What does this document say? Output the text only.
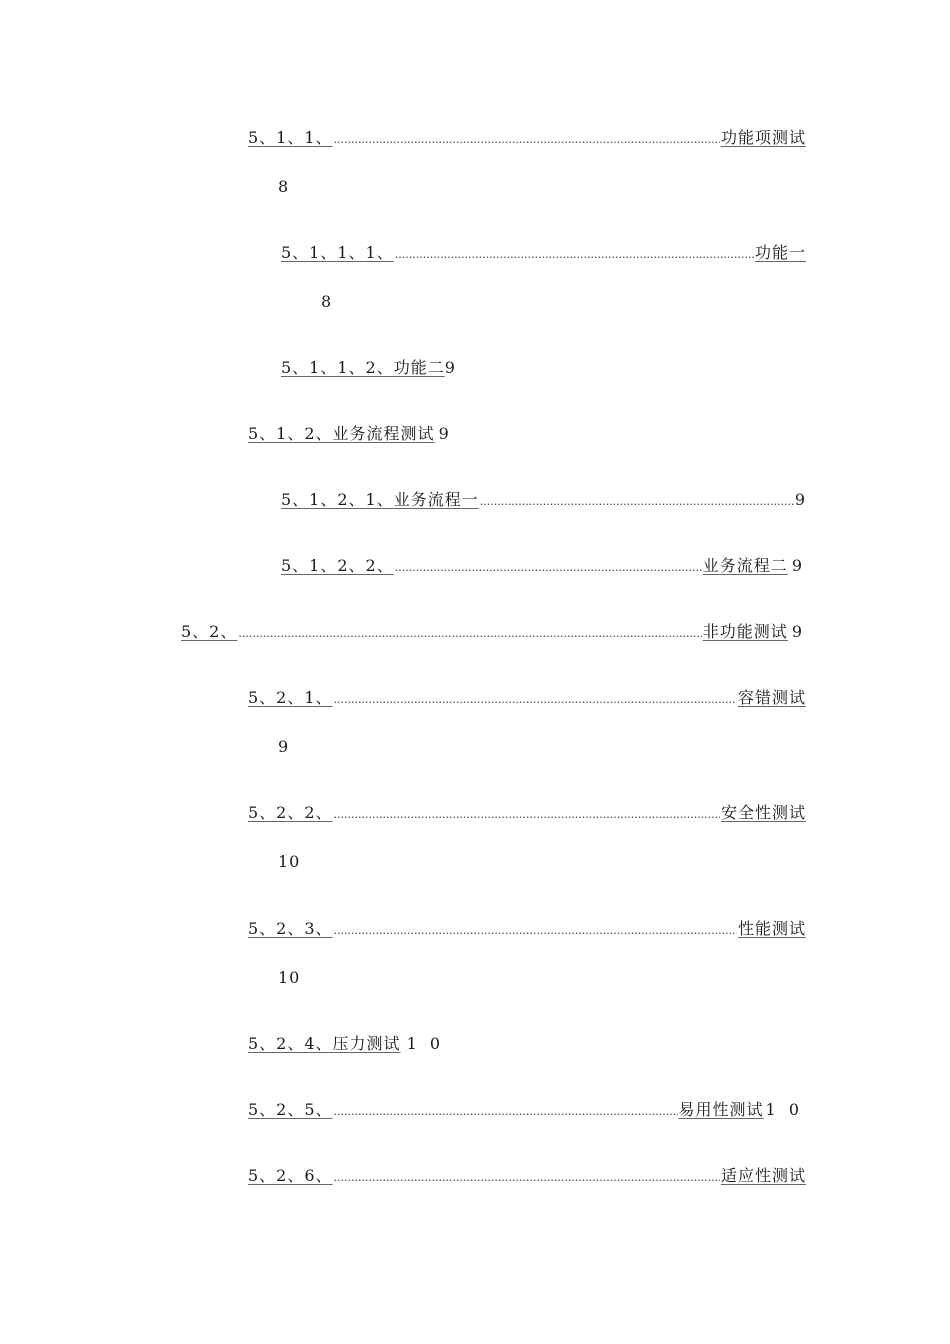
5、1、1、 .....	功能项测试
8
5、1、1、1、 .....	功能一
8
5、1、1、2、 功能二 9
5、1、2、 业务流程测试 9
5、1、2、1、 业务流程一 .....	9
5、1、2、2、 .....	业务流程二 9
5、2、 .....	非功能测试 9
5、2、1、 .....	容错测试
9
5、2、2、 .....	安全性测试
10
5、2、3、 .....	性能测试
10
5、2、4、 压力测试 1 0
5、2、5、 .....	易用性测试 1 0
5、2、6、 .....	适应性测试
